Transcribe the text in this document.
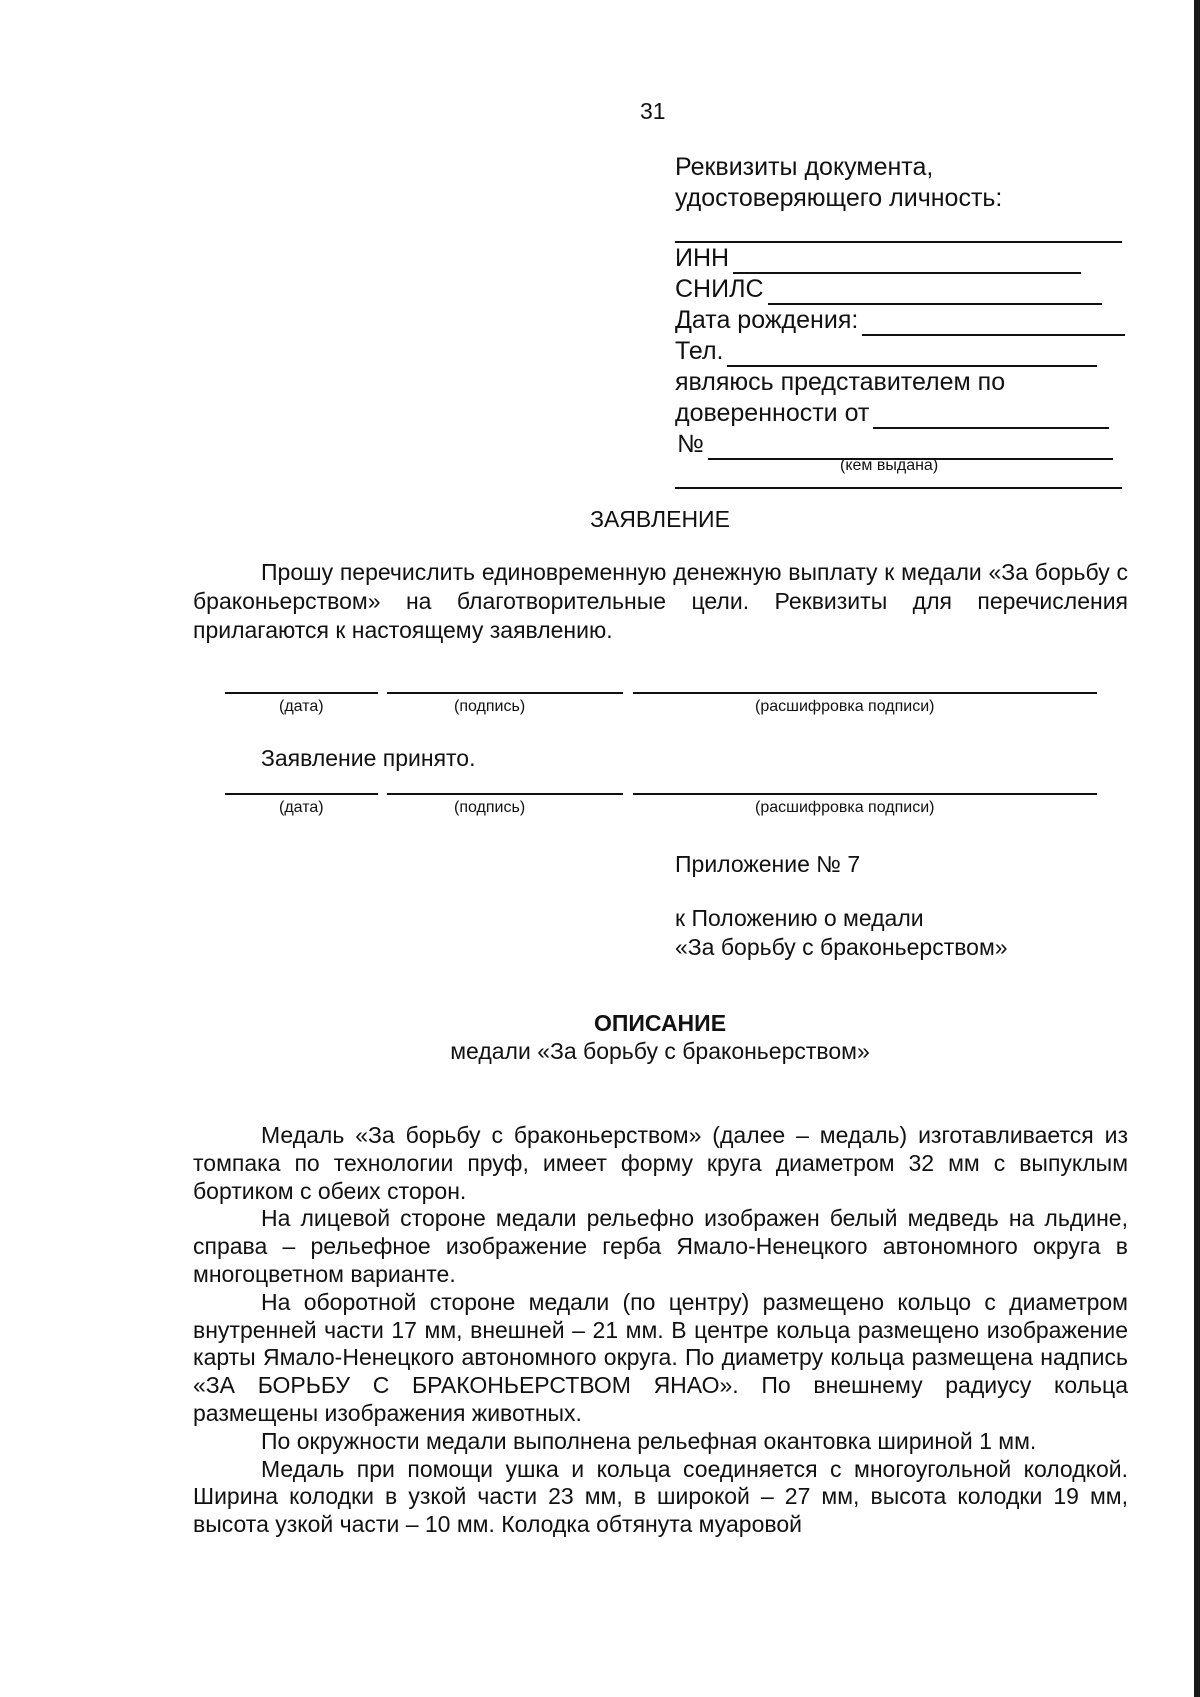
31
Реквизиты документа,
удостоверяющего личность:
ИНН
СНИЛС
Дата рождения:
Тел.
являюсь представителем по
доверенности от
№
(кем выдана)
ЗАЯВЛЕНИЕ

Прошу перечислить единовременную денежную выплату к медали «За борьбу с браконьерством» на благотворительные цели. Реквизиты для перечисления прилагаются к настоящему заявлению.

(дата)	(подпись)	(расшифровка подписи)
Заявление принято.
(дата)	(подпись)	(расшифровка подписи)
Приложение № 7
к Положению о медали
«За борьбу с браконьерством»
ОПИСАНИЕ
медали «За борьбу с браконьерством»

Медаль «За борьбу с браконьерством» (далее – медаль) изготавливается из томпака по технологии пруф, имеет форму круга диаметром 32 мм с выпуклым бортиком с обеих сторон.

На лицевой стороне медали рельефно изображен белый медведь на льдине, справа – рельефное изображение герба Ямало-Ненецкого автономного округа в многоцветном варианте.

На оборотной стороне медали (по центру) размещено кольцо с диаметром внутренней части 17 мм, внешней – 21 мм. В центре кольца размещено изображение карты Ямало-Ненецкого автономного округа. По диаметру кольца размещена надпись «ЗА БОРЬБУ С БРАКОНЬЕРСТВОМ ЯНАО». По внешнему радиусу кольца размещены изображения животных.

По окружности медали выполнена рельефная окантовка шириной 1 мм.

Медаль при помощи ушка и кольца соединяется с многоугольной колодкой. Ширина колодки в узкой части 23 мм, в широкой – 27 мм, высота колодки 19 мм, высота узкой части – 10 мм. Колодка обтянута муаровой
